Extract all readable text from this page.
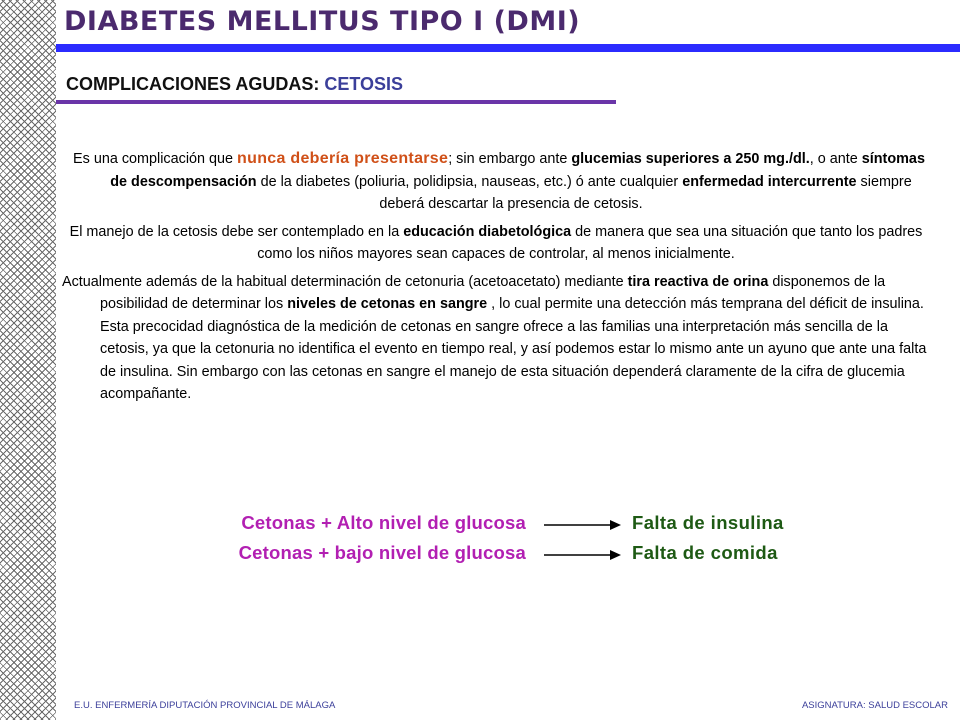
DIABETES MELLITUS TIPO I (DMI)
COMPLICACIONES AGUDAS: CETOSIS

Es una complicación que nunca debería presentarse; sin embargo ante glucemias superiores a 250 mg./dl., o ante síntomas de descompensación de la diabetes (poliuria, polidipsia, nauseas, etc.) ó ante cualquier enfermedad intercurrente siempre deberá descartar la presencia de cetosis.

El manejo de la cetosis debe ser contemplado en la educación diabetológica de manera que sea una situación que tanto los padres como los niños mayores sean capaces de controlar, al menos inicialmente.

Actualmente además de la habitual determinación de cetonuria (acetoacetato) mediante tira reactiva de orina disponemos de la posibilidad de determinar los niveles de cetonas en sangre , lo cual permite una detección más temprana del déficit de insulina. Esta precocidad diagnóstica de la medición de cetonas en sangre ofrece a las familias una interpretación más sencilla de la cetosis, ya que la cetonuria no identifica el evento en tiempo real, y así podemos estar lo mismo ante un ayuno que ante una falta de insulina. Sin embargo con las cetonas en sangre el manejo de esta situación dependerá claramente de la cifra de glucemia acompañante.

Cetonas + Alto nivel de glucosa	Falta de insulina
Cetonas + bajo nivel de glucosa	Falta de comida
E.U. ENFERMERÍA DIPUTACIÓN PROVINCIAL DE MÁLAGA	ASIGNATURA: SALUD ESCOLAR
